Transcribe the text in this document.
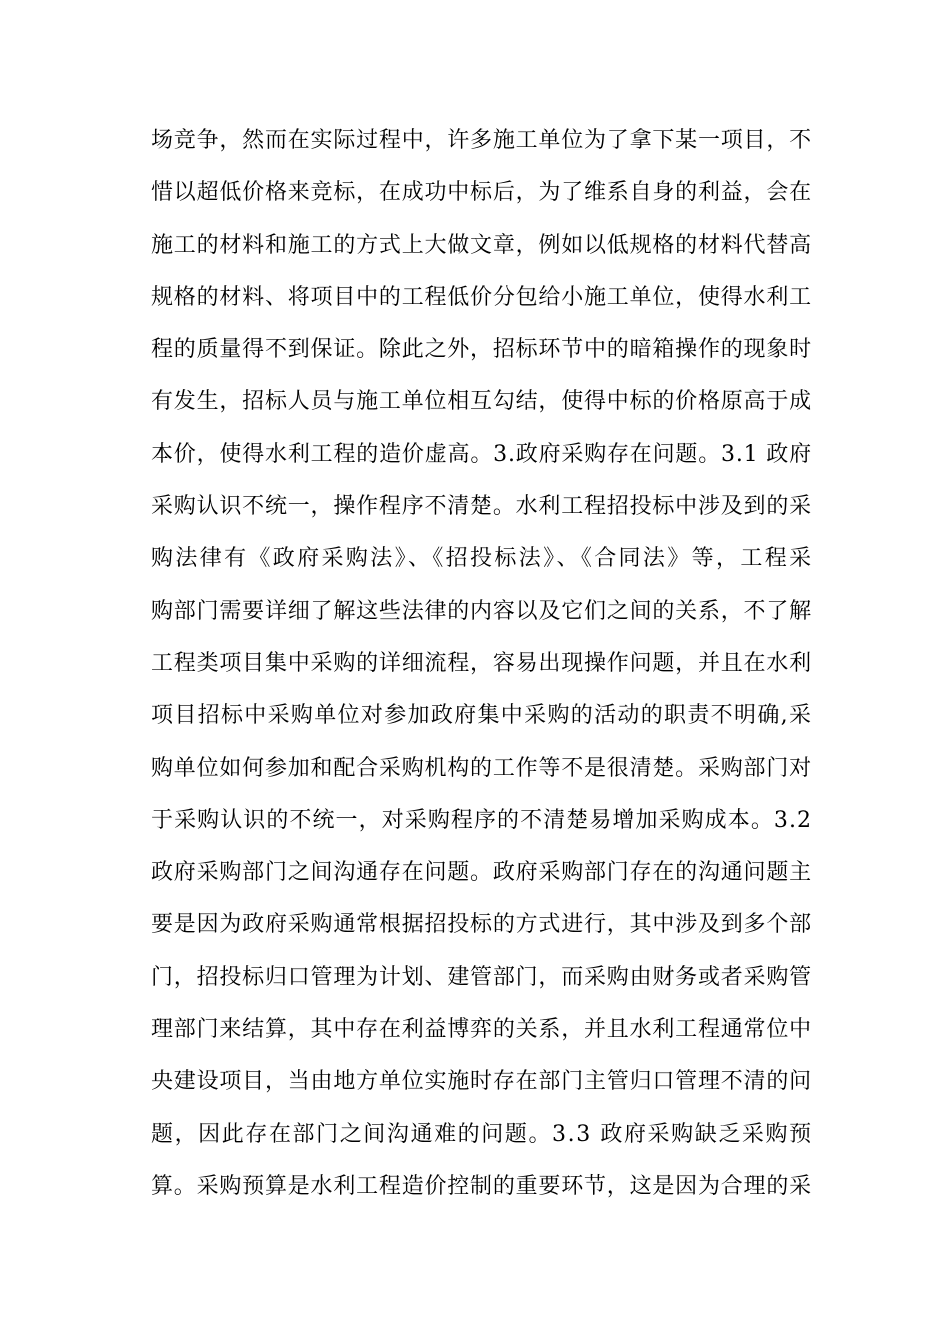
场竞争，然而在实际过程中，许多施工单位为了拿下某一项目，不
惜以超低价格来竞标，在成功中标后，为了维系自身的利益，会在
施工的材料和施工的方式上大做文章，例如以低规格的材料代替高
规格的材料、将项目中的工程低价分包给小施工单位，使得水利工
程的质量得不到保证。除此之外，招标环节中的暗箱操作的现象时
有发生，招标人员与施工单位相互勾结，使得中标的价格原高于成
本价，使得水利工程的造价虚高。3.政府采购存在问题。3.1 政府
采购认识不统一，操作程序不清楚。水利工程招投标中涉及到的采
购法律有《政府采购法》、《招投标法》、《合同法》等，工程采
购部门需要详细了解这些法律的内容以及它们之间的关系，不了解
工程类项目集中采购的详细流程，容易出现操作问题，并且在水利
项目招标中采购单位对参加政府集中采购的活动的职责不明确,采
购单位如何参加和配合采购机构的工作等不是很清楚。采购部门对
于采购认识的不统一，对采购程序的不清楚易增加采购成本。3.2
政府采购部门之间沟通存在问题。政府采购部门存在的沟通问题主
要是因为政府采购通常根据招投标的方式进行，其中涉及到多个部
门，招投标归口管理为计划、建管部门，而采购由财务或者采购管
理部门来结算，其中存在利益博弈的关系，并且水利工程通常位中
央建设项目，当由地方单位实施时存在部门主管归口管理不清的问
题，因此存在部门之间沟通难的问题。3.3 政府采购缺乏采购预
算。采购预算是水利工程造价控制的重要环节，这是因为合理的采
